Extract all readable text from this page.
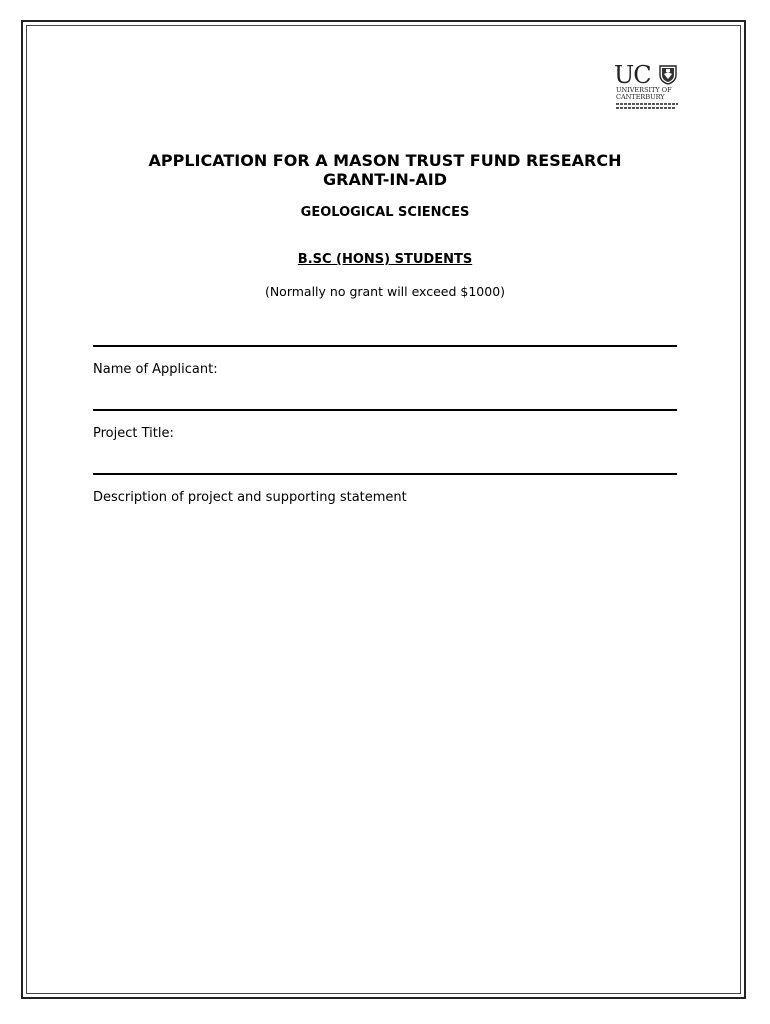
UC
UNIVERSITY OF
CANTERBURY
APPLICATION FOR A MASON TRUST FUND RESEARCH
GRANT-IN-AID
GEOLOGICAL SCIENCES
B.SC (HONS) STUDENTS
(Normally no grant will exceed $1000)
Name of Applicant:
Project Title:
Description of project and supporting statement
